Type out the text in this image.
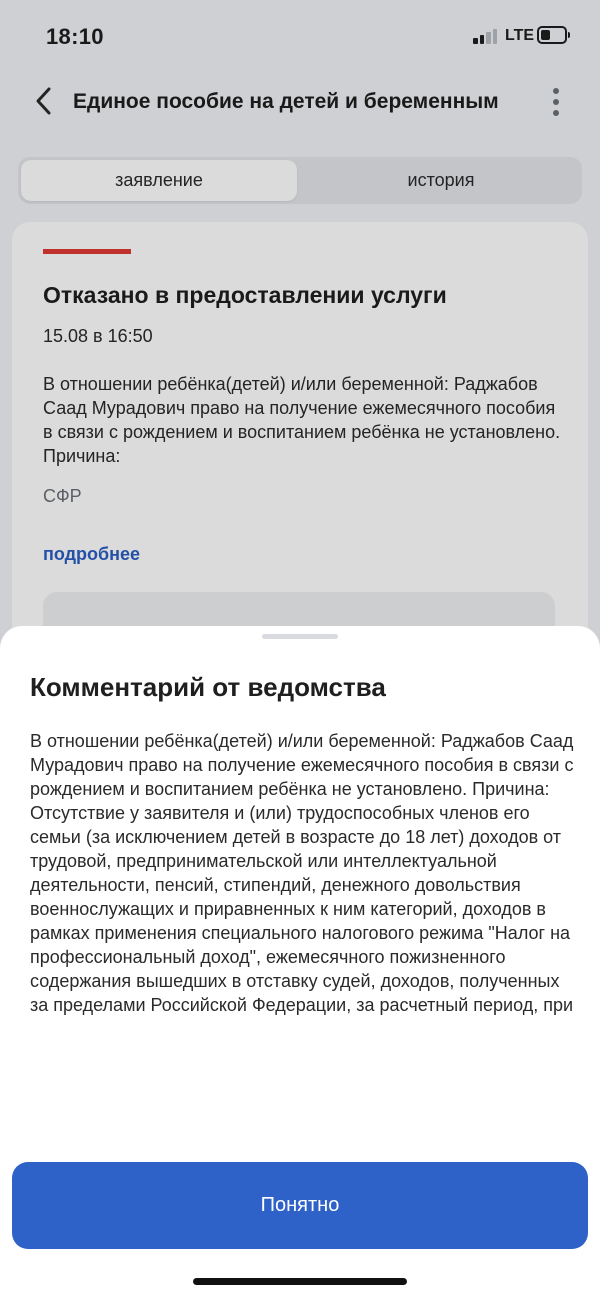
18:10	LTE
Единое пособие на детей и беременным
заявление	история
Отказано в предоставлении услуги
15.08 в 16:50
В отношении ребёнка(детей) и/или беременной: Раджабов Саад Мурадович право на получение ежемесячного пособия в связи с рождением и воспитанием ребёнка не установлено. Причина:
СФР
подробнее
Комментарий от ведомства
В отношении ребёнка(детей) и/или беременной: Раджабов Саад Мурадович право на получение ежемесячного пособия в связи с рождением и воспитанием ребёнка не установлено. Причина: Отсутствие у заявителя и (или) трудоспособных членов его семьи (за исключением детей в возрасте до 18 лет) доходов от трудовой, предпринимательской или интеллектуальной деятельности, пенсий, стипендий, денежного довольствия военнослужащих и приравненных к ним категорий, доходов в рамках применения специального налогового режима "Налог на профессиональный доход", ежемесячного пожизненного содержания вышедших в отставку судей, доходов, полученных за пределами Российской Федерации, за расчетный период, при
Понятно
